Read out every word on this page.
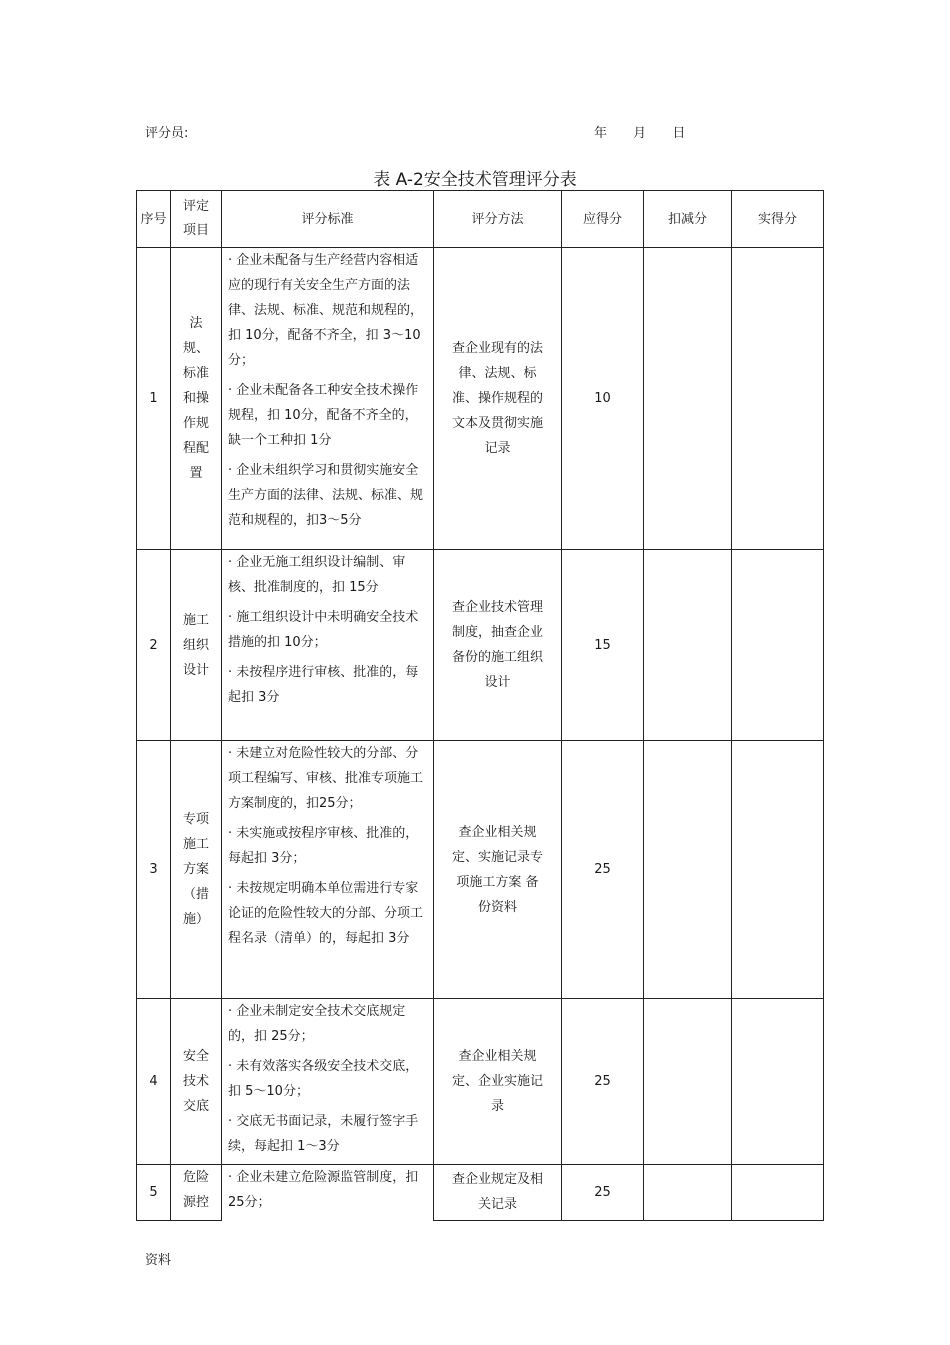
评分员:	年 月 日
表 A-2安全技术管理评分表
序号	评定项目	评分标准	评分方法	应得分	扣减分	实得分
1	法规、标准和操作规程配置	· 企业未配备与生产经营内容相适应的现行有关安全生产方面的法律、法规、标准、规范和规程的，扣 10分，配备不齐全，扣 3～10分；

· 企业未配备各工种安全技术操作规程，扣 10分，配备不齐全的， 缺一个工种扣 1分

· 企业未组织学习和贯彻实施安全生产方面的法律、法规、标准、规范和规程的，扣3～5分	查企业现有的法律、法规、标准、操作规程的文本及贯彻实施记录	10		
2	施工组织设计	· 企业无施工组织设计编制、审核、批准制度的，扣 15分

· 施工组织设计中未明确安全技术措施的扣 10分；

· 未按程序进行审核、批准的，每起扣 3分	查企业技术管理制度，抽查企业备份的施工组织设计	15		
3	专项施工方案（措施）	· 未建立对危险性较大的分部、分项工程编写、审核、批准专项施工方案制度的，扣25分；

· 未实施或按程序审核、批准的，每起扣 3分；

· 未按规定明确本单位需进行专家论证的危险性较大的分部、分项工程名录（清单）的，每起扣 3分	查企业相关规定、实施记录专项施工方案 备份资料	25		
4	安全技术交底	· 企业未制定安全技术交底规定的，扣 25分；

· 未有效落实各级安全技术交底，扣 5～10分；

· 交底无书面记录，未履行签字手续，每起扣 1～3分	查企业相关规定、企业实施记录	25		
5	危险源控	· 企业未建立危险源监管制度，扣 25分；	查企业规定及相关记录	25		
资料
